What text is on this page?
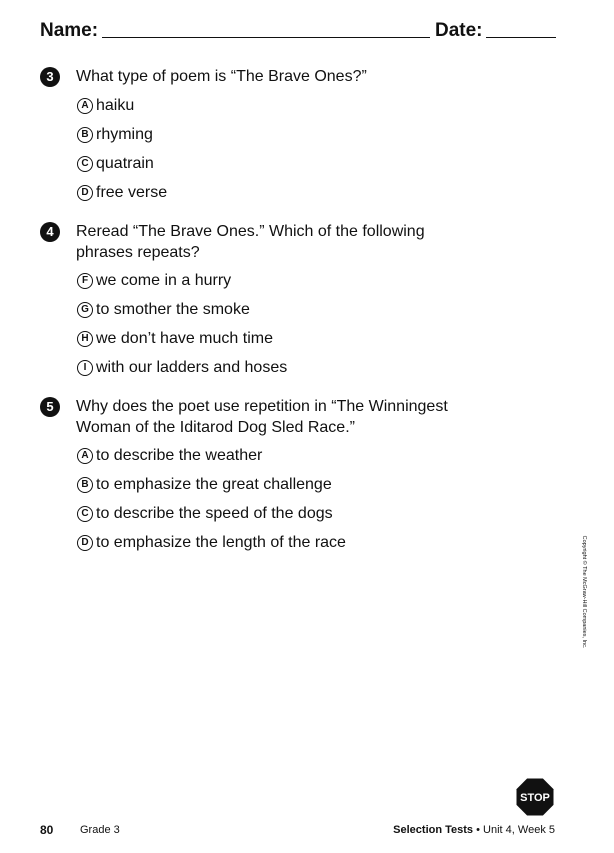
Name:	Date:
3	What type of poem is “The Brave Ones?”
A haiku
B rhyming
C quatrain
D free verse
4	Reread “The Brave Ones.” Which of the following phrases repeats?
F we come in a hurry
G to smother the smoke
H we don’t have much time
I with our ladders and hoses
5	Why does the poet use repetition in “The Winningest Woman of the Iditarod Dog Sled Race.”
A to describe the weather
B to emphasize the great challenge
C to describe the speed of the dogs
D to emphasize the length of the race	Copyright © The McGraw-Hill Companies, Inc.
STOP
80 Grade 3	Selection Tests • Unit 4, Week 5
